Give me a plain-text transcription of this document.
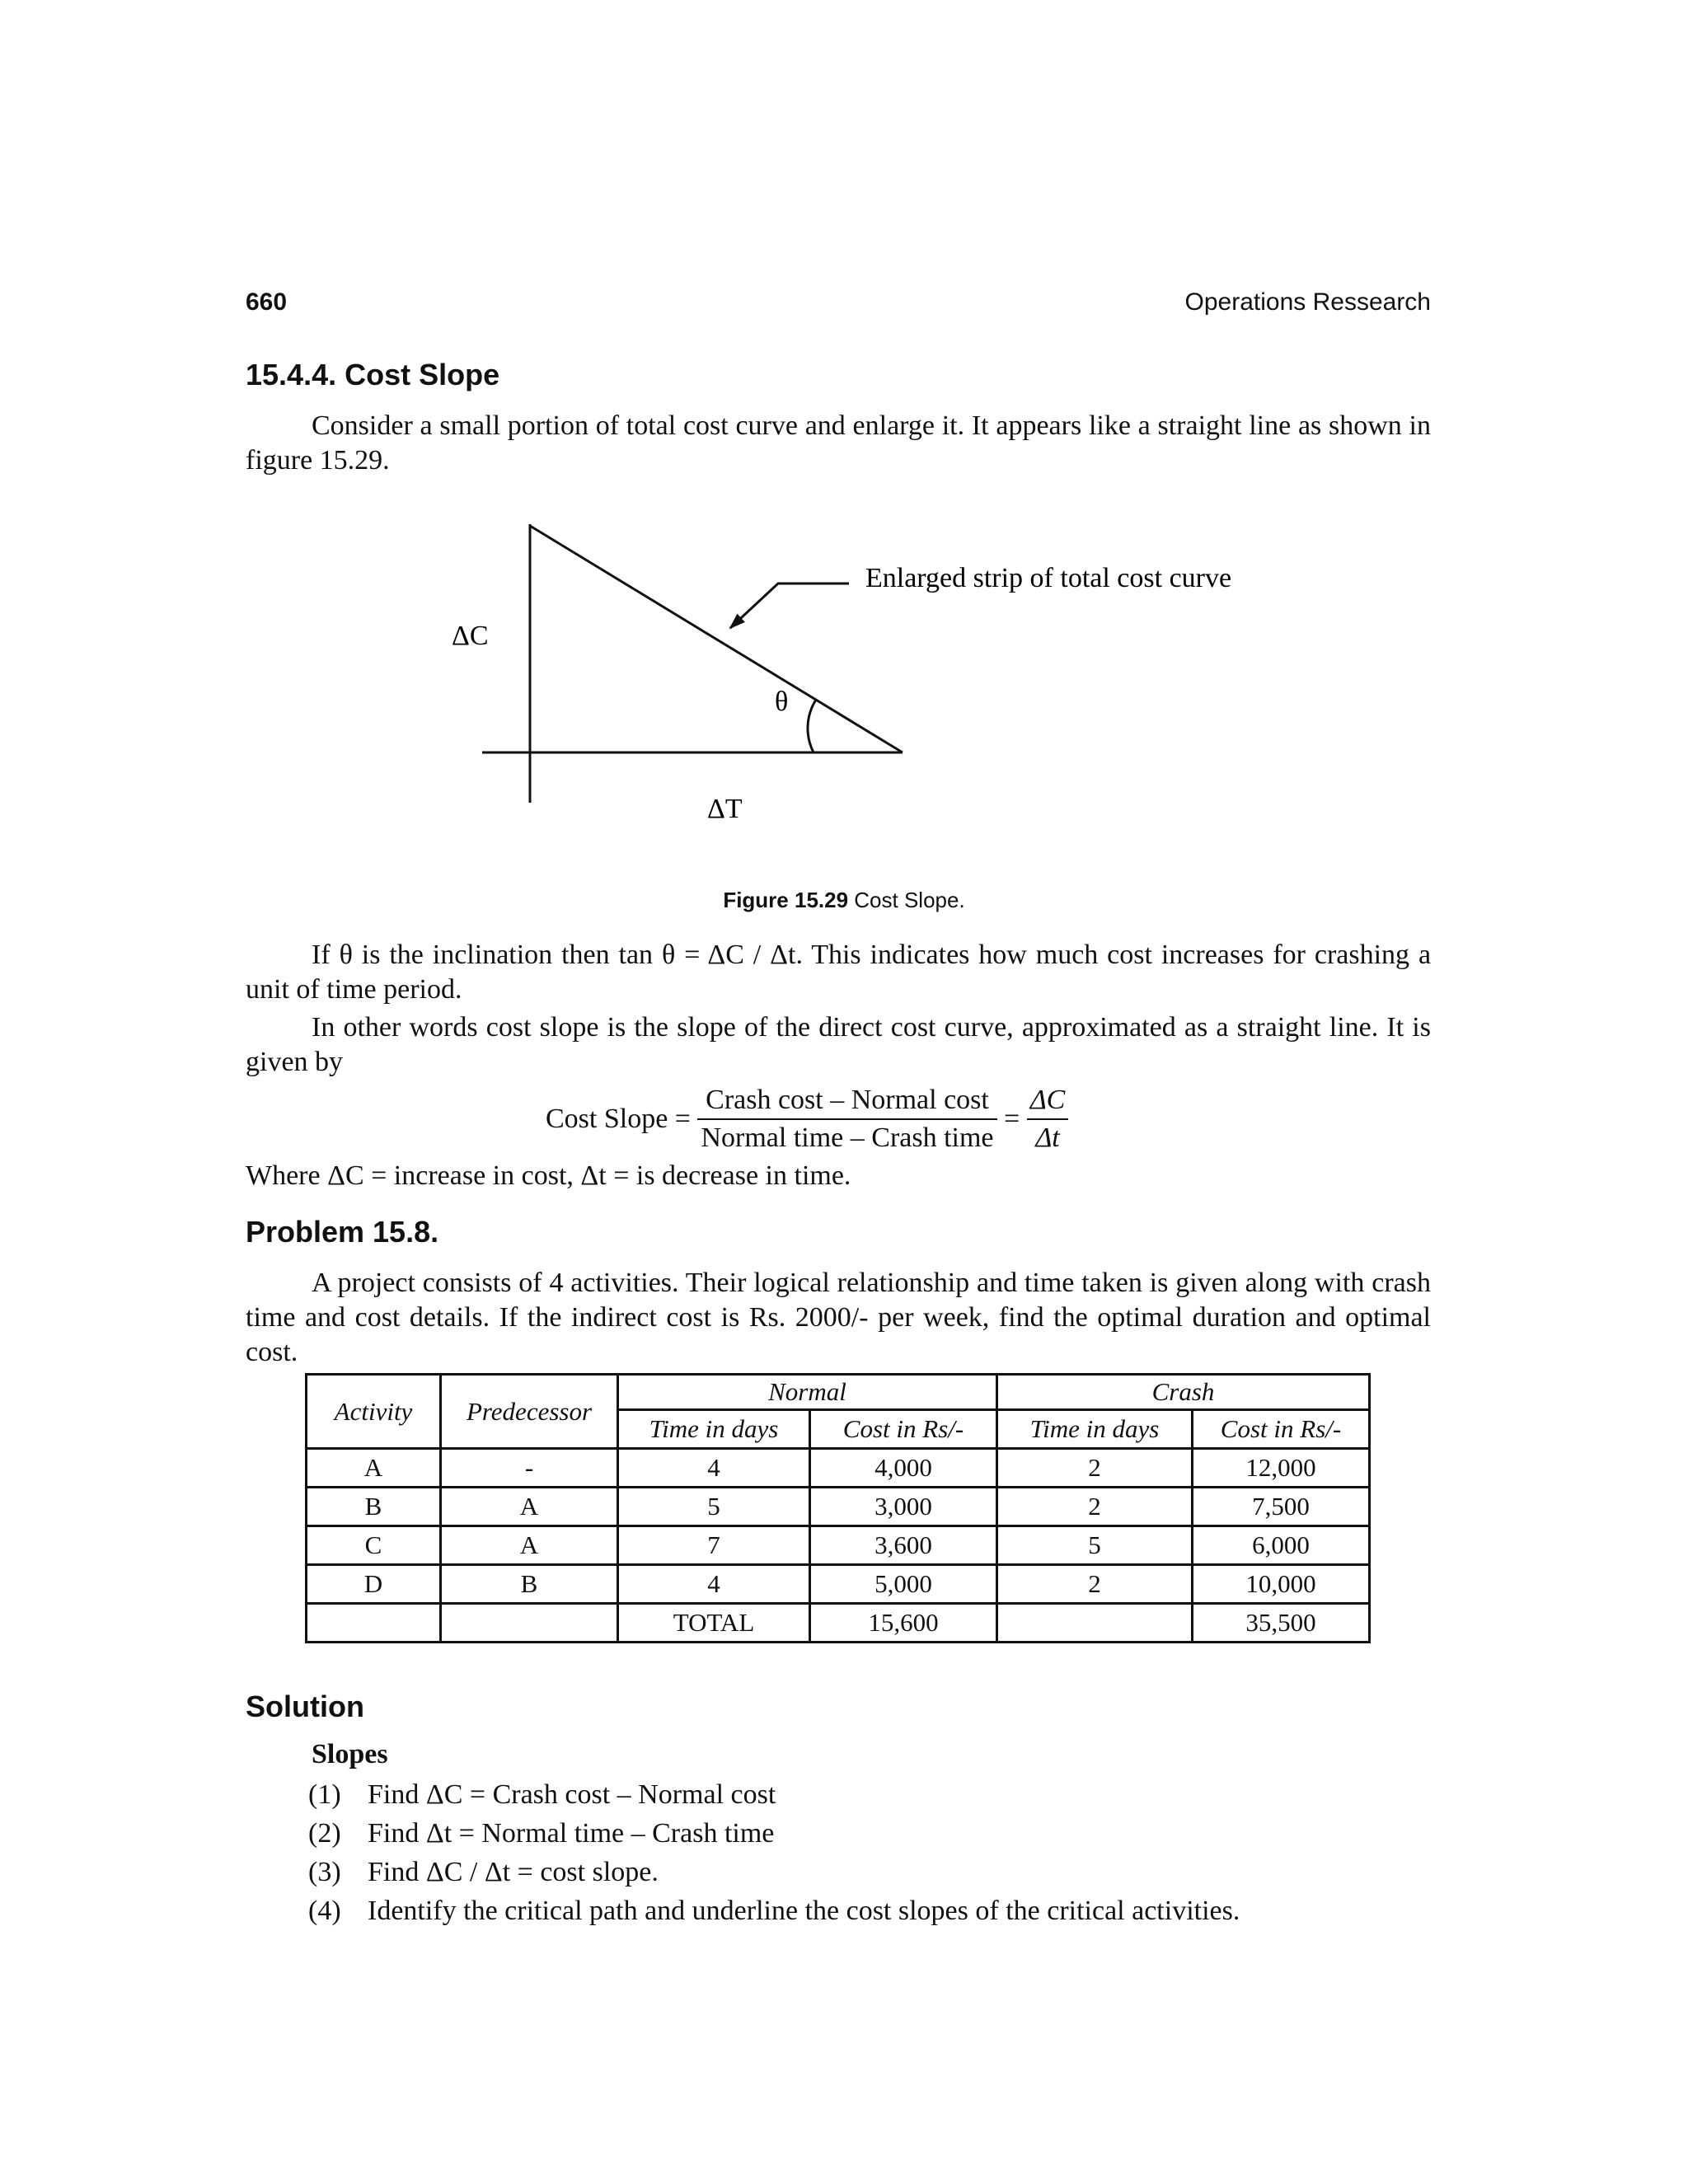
660	Operations Ressearch
15.4.4. Cost Slope
Consider a small portion of total cost curve and enlarge it. It appears like a straight line as shown in figure 15.29.
ΔC
ΔT
θ
Enlarged strip of total cost curve
Figure 15.29 Cost Slope.
If θ is the inclination then tan θ = ΔC / Δt. This indicates how much cost increases for crashing a unit of time period.
In other words cost slope is the slope of the direct cost curve, approximated as a straight line. It is given by
Cost Slope = $\frac{\text{Crash cost – Normal cost}}{\text{Normal time – Crash time}} = \frac{\Delta C}{\Delta t}$
Where ΔC = increase in cost, Δt = is decrease in time.
Problem 15.8.
A project consists of 4 activities. Their logical relationship and time taken is given along with crash time and cost details. If the indirect cost is Rs. 2000/- per week, find the optimal duration and optimal cost.
Activity	Predecessor	Normal		Crash	
		Time in days	Cost in Rs/-	Time in days	Cost in Rs/-
A	-	4	4,000	2	12,000
B	A	5	3,000	2	7,500
C	A	7	3,600	5	6,000
D	B	4	5,000	2	10,000
		TOTAL	15,600		35,500
Solution
Slopes
(1) Find ΔC = Crash cost – Normal cost
(2) Find Δt = Normal time – Crash time
(3) Find ΔC / Δt = cost slope.
(4) Identify the critical path and underline the cost slopes of the critical activities.
